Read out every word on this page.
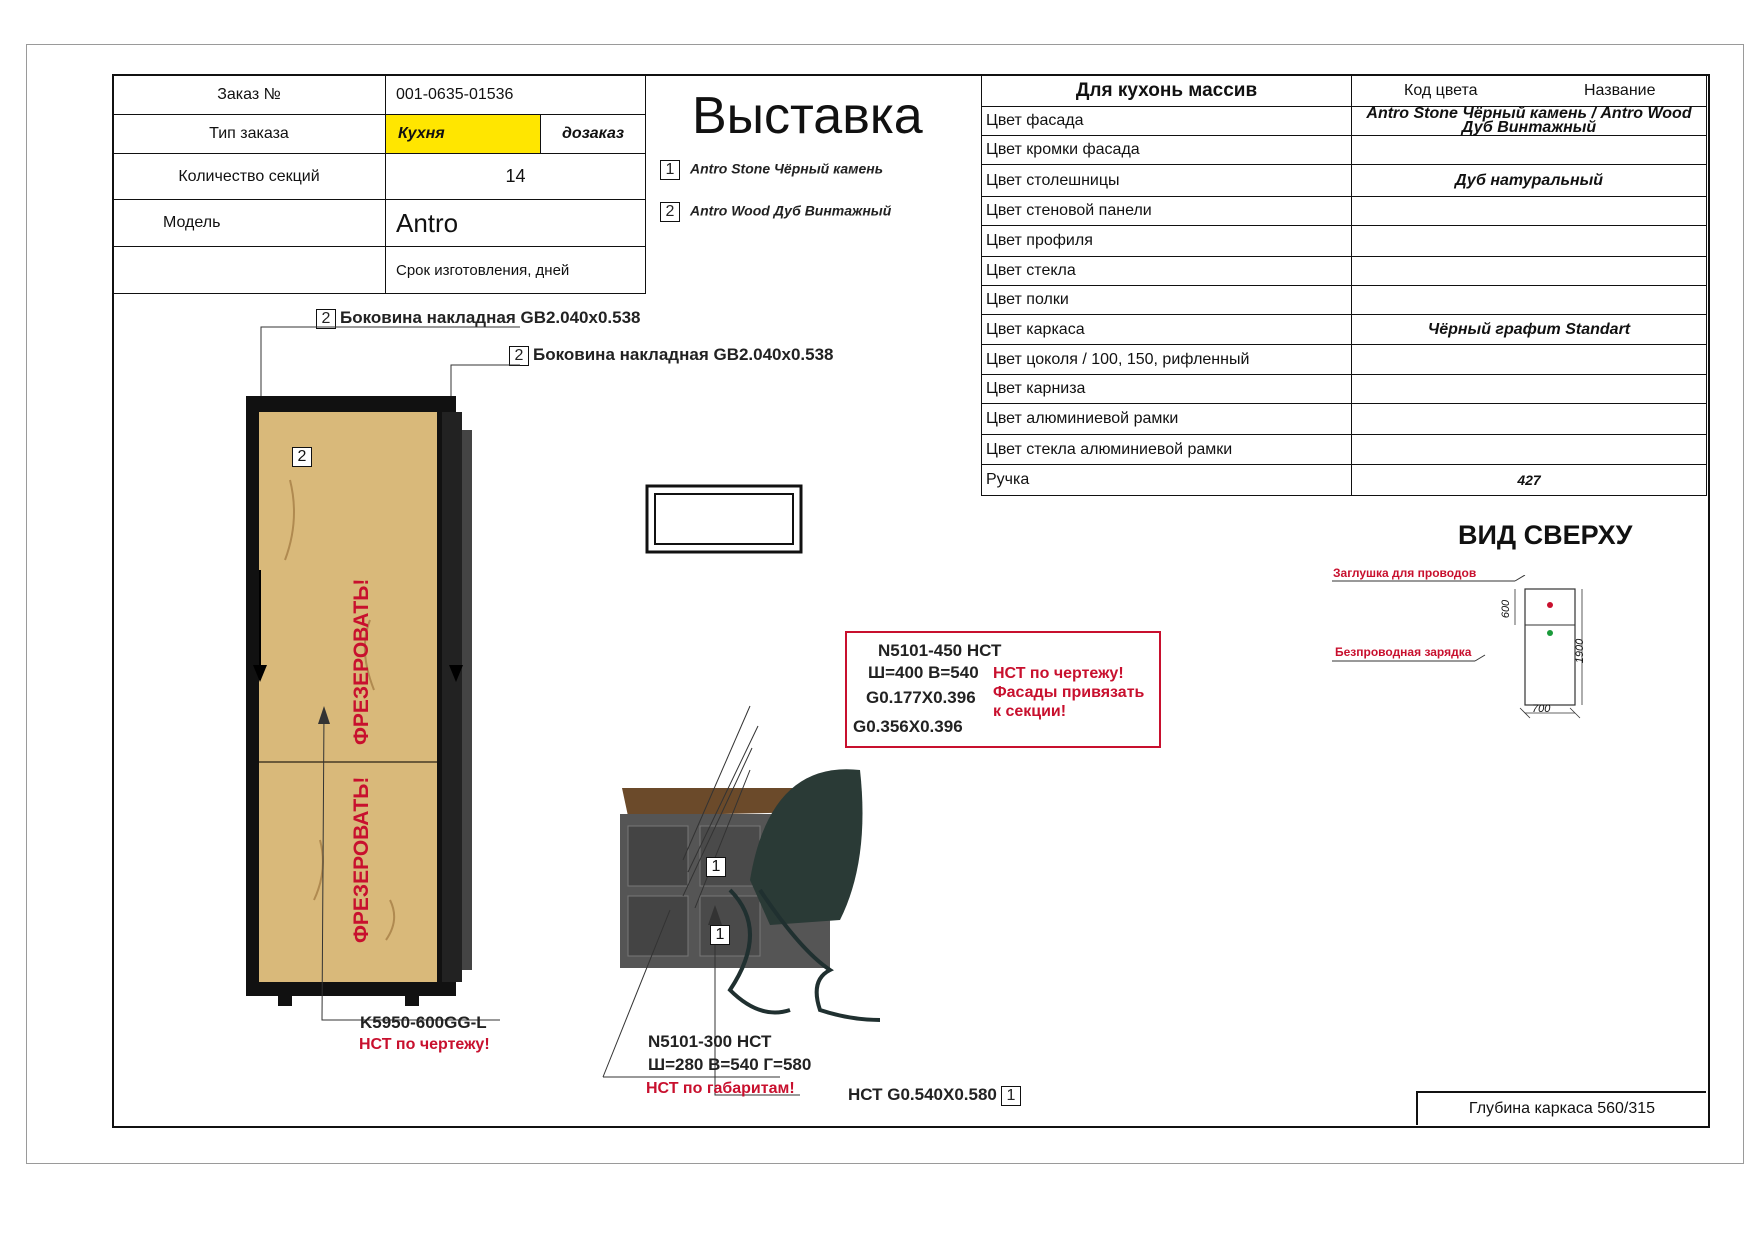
Заказ №	001-0635-01536	
Тип заказа	Кухня	дозаказ
Количество секций	14	
Модель	Antro	
	Срок изготовления, дней	
Выставка
1 Antro Stone Чёрный камень
2 Antro Wood Дуб Винтажный
Для кухонь массив	Код цвета Название

Цвет фасада	Antro Stone Чёрный камень / Antro Wood Дуб Винтажный
Цвет кромки фасада	
Цвет столешницы	Дуб натуральный
Цвет стеновой панели	
Цвет профиля	
Цвет стекла	
Цвет полки	
Цвет каркаса	Чёрный графит Standart
Цвет цоколя / 100, 150, рифленный	
Цвет карниза	
Цвет алюминиевой рамки	
Цвет стекла алюминиевой рамки	
Ручка	427
ВИД СВЕРХУ
Заглушка для проводов
Безпроводная зарядка
600
1900
700
2 Боковина накладная GB2.040x0.538
2 Боковина накладная GB2.040x0.538
2
ФРЕЗЕРОВАТЬ!
ФРЕЗЕРОВАТЬ!
K5950-600GG-L
НСТ по чертежу!
1
1
N5101-450 НСТ
Ш=400 В=540
G0.177X0.396
G0.356X0.396
НСТ по чертежу!
Фасады привязать
к секции!
N5101-300 НСТ
Ш=280 В=540 Г=580
НСТ по габаритам!	НСТ G0.540X0.580 1
Глубина каркаса 560/315
